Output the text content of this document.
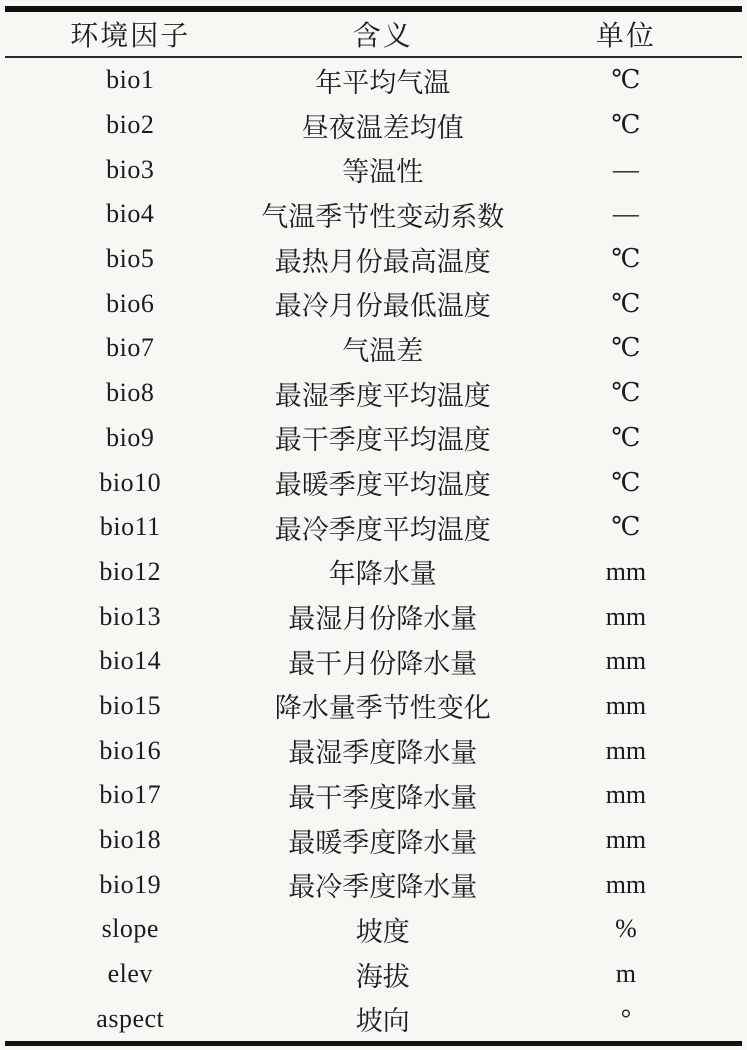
环境因子	含义	单位
bio1	年平均气温	℃
bio2	昼夜温差均值	℃
bio3	等温性	—
bio4	气温季节性变动系数	—
bio5	最热月份最高温度	℃
bio6	最冷月份最低温度	℃
bio7	气温差	℃
bio8	最湿季度平均温度	℃
bio9	最干季度平均温度	℃
bio10	最暖季度平均温度	℃
bio11	最冷季度平均温度	℃
bio12	年降水量	mm
bio13	最湿月份降水量	mm
bio14	最干月份降水量	mm
bio15	降水量季节性变化	mm
bio16	最湿季度降水量	mm
bio17	最干季度降水量	mm
bio18	最暖季度降水量	mm
bio19	最冷季度降水量	mm
slope	坡度	%
elev	海拔	m
aspect	坡向	°
